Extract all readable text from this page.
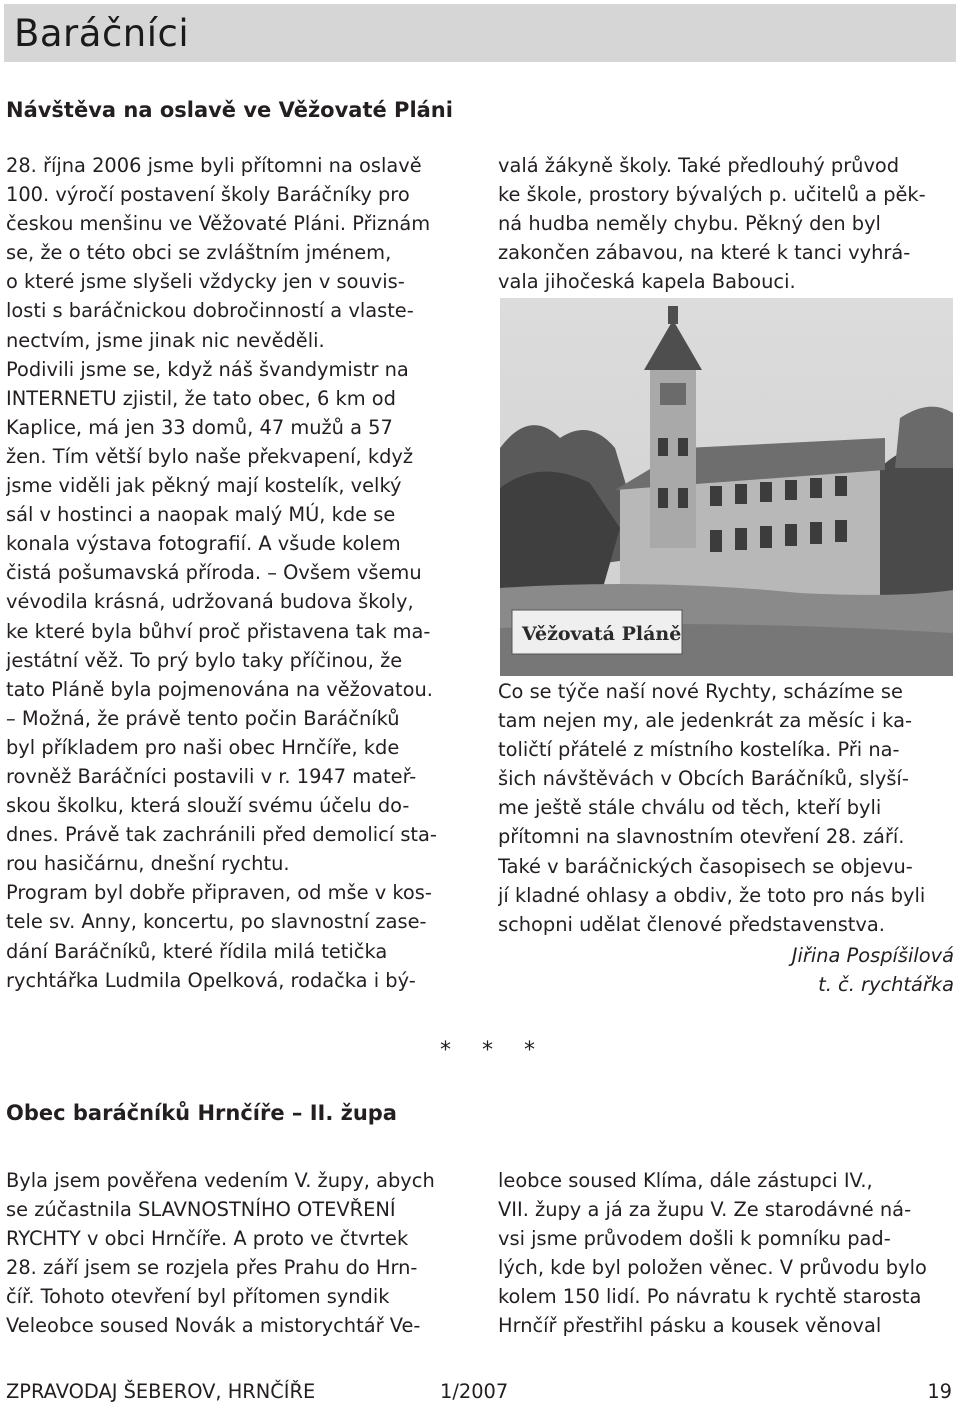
Baráčníci
Návštěva na oslavě ve Věžovaté Pláni
28. října 2006 jsme byli přítomni na oslavě
100. výročí postavení školy Baráčníky pro
českou menšinu ve Věžovaté Pláni. Přiznám
se, že o této obci se zvláštním jménem,
o které jsme slyšeli vždycky jen v souvis-
losti s baráčnickou dobročinností a vlaste-
nectvím, jsme jinak nic nevěděli.
Podivili jsme se, když náš švandymistr na
INTERNETU zjistil, že tato obec, 6 km od
Kaplice, má jen 33 domů, 47 mužů a 57
žen. Tím větší bylo naše překvapení, když
jsme viděli jak pěkný mají kostelík, velký
sál v hostinci a naopak malý MÚ, kde se
konala výstava fotografií. A všude kolem
čistá pošumavská příroda. – Ovšem všemu
vévodila krásná, udržovaná budova školy,
ke které byla bůhví proč přistavena tak ma-
jestátní věž. To prý bylo taky příčinou, že
tato Pláně byla pojmenována na věžovatou.
– Možná, že právě tento počin Baráčníků
byl příkladem pro naši obec Hrnčíře, kde
rovněž Baráčníci postavili v r. 1947 mateř-
skou školku, která slouží svému účelu do-
dnes. Právě tak zachránili před demolicí sta-
rou hasičárnu, dnešní rychtu.
Program byl dobře připraven, od mše v kos-
tele sv. Anny, koncertu, po slavnostní zase-
dání Baráčníků, které řídila milá tetička
rychtářka Ludmila Opelková, rodačka i bý-
valá žákyně školy. Také předlouhý průvod
ke škole, prostory bývalých p. učitelů a pěk-
ná hudba neměly chybu. Pěkný den byl
zakončen zábavou, na které k tanci vyhrá-
vala jihočeská kapela Babouci.
Věžovatá Pláně
Co se týče naší nové Rychty, scházíme se
tam nejen my, ale jedenkrát za měsíc i ka-
toličtí přátelé z místního kostelíka. Při na-
šich návštěvách v Obcích Baráčníků, slyší-
me ještě stále chválu od těch, kteří byli
přítomni na slavnostním otevření 28. září.
Také v baráčnických časopisech se objevu-
jí kladné ohlasy a obdiv, že toto pro nás byli
schopni udělat členové představenstva.
Jiřina Pospíšilová
t. č. rychtářka
* * *
Obec baráčníků Hrnčíře – II. župa
Byla jsem pověřena vedením V. župy, abych
se zúčastnila SLAVNOSTNÍHO OTEVŘENÍ
RYCHTY v obci Hrnčíře. A proto ve čtvrtek
28. září jsem se rozjela přes Prahu do Hrn-
číř. Tohoto otevření byl přítomen syndik
Veleobce soused Novák a mistorychtář Ve-
leobce soused Klíma, dále zástupci IV.,
VII. župy a já za župu V. Ze starodávné ná-
vsi jsme průvodem došli k pomníku pad-
lých, kde byl položen věnec. V průvodu bylo
kolem 150 lidí. Po návratu k rychtě starosta
Hrnčíř přestřihl pásku a kousek věnoval
ZPRAVODAJ ŠEBEROV, HRNČÍŘE	1/2007	19
